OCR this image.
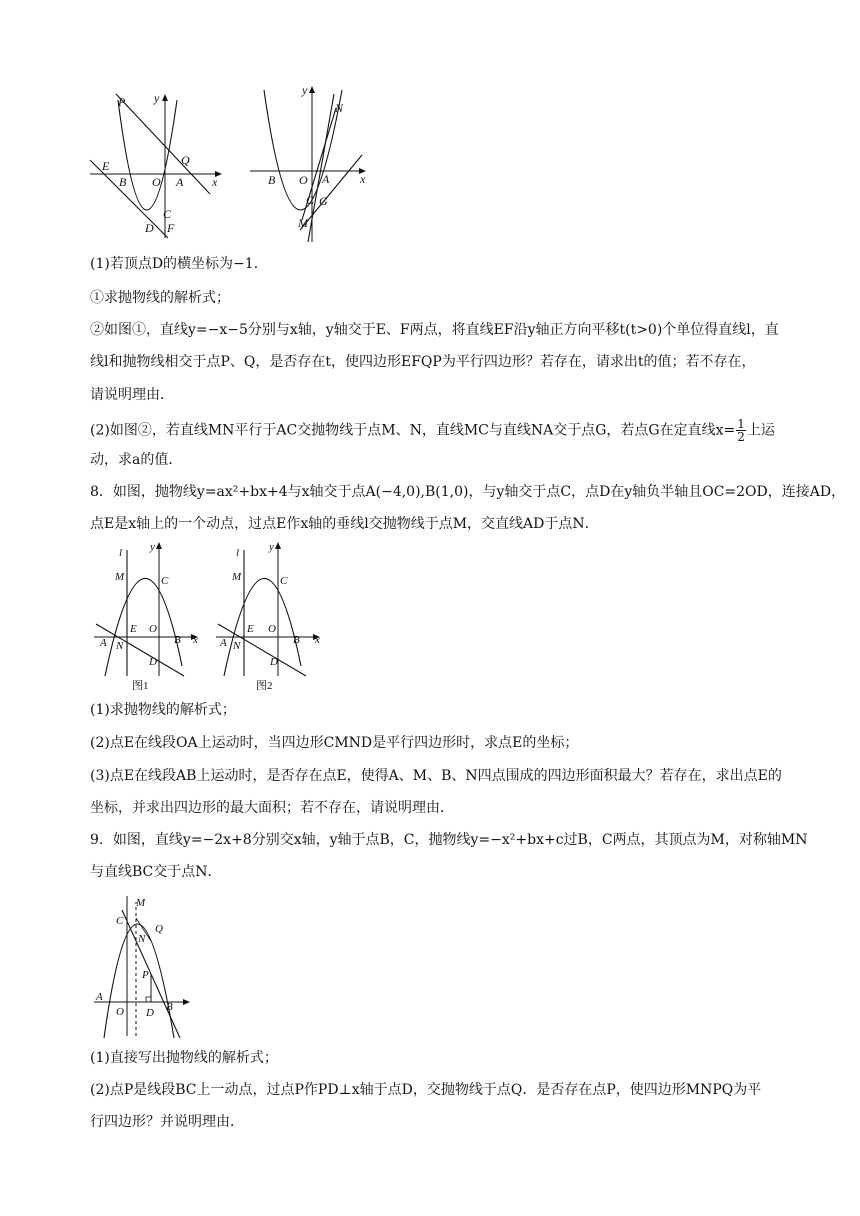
P y
Q
E
B O A x
C
D F
y
N
B O A	x
G
C
M
(1)若顶点D的横坐标为−1．
①求抛物线的解析式；
②如图①，直线y=−x−5分别与x轴，y轴交于E、F两点，将直线EF沿y轴正方向平移t(t>0)个单位得直线l，直
线l和抛物线相交于点P、Q，是否存在t，使四边形EFQP为平行四边形？若存在，请求出t的值；若不存在，
请说明理由．
(2)如图②，若直线MN平行于AC交抛物线于点M、N，直线MC与直线NA交于点G，若点G在定直线$x= \frac{1}{2}$ 上运
动，求a的值．
8．如图，抛物线y=ax²+bx+4与x轴交于点A(−4,0),B(1,0)，与y轴交于点C，点D在y轴负半轴且OC=2OD，连接AD，
点E是x轴上的一个动点，过点E作x轴的垂线l交抛物线于点M，交直线AD于点N．
l	y
M	C
E O
A N	B x
D
图1
l	y
M	C
E O
A N	B x
D
图2
(1)求抛物线的解析式；
(2)点E在线段OA上运动时，当四边形CMND是平行四边形时，求点E的坐标；
(3)点E在线段AB上运动时，是否存在点E，使得A、M、B、N四点围成的四边形面积最大？若存在，求出点E的
坐标，并求出四边形的最大面积；若不存在，请说明理由．
9．如图，直线y=−2x+8分别交x轴，y轴于点B，C，抛物线y=−x²+bx+c过B，C两点，其顶点为M，对称轴MN
与直线BC交于点N．
M
C
N
Q
P
A
O D B
(1)直接写出抛物线的解析式；
(2)点P是线段BC上一动点，过点P作PD⊥x轴于点D，交抛物线于点Q．是否存在点P，使四边形MNPQ为平
行四边形？并说明理由．
